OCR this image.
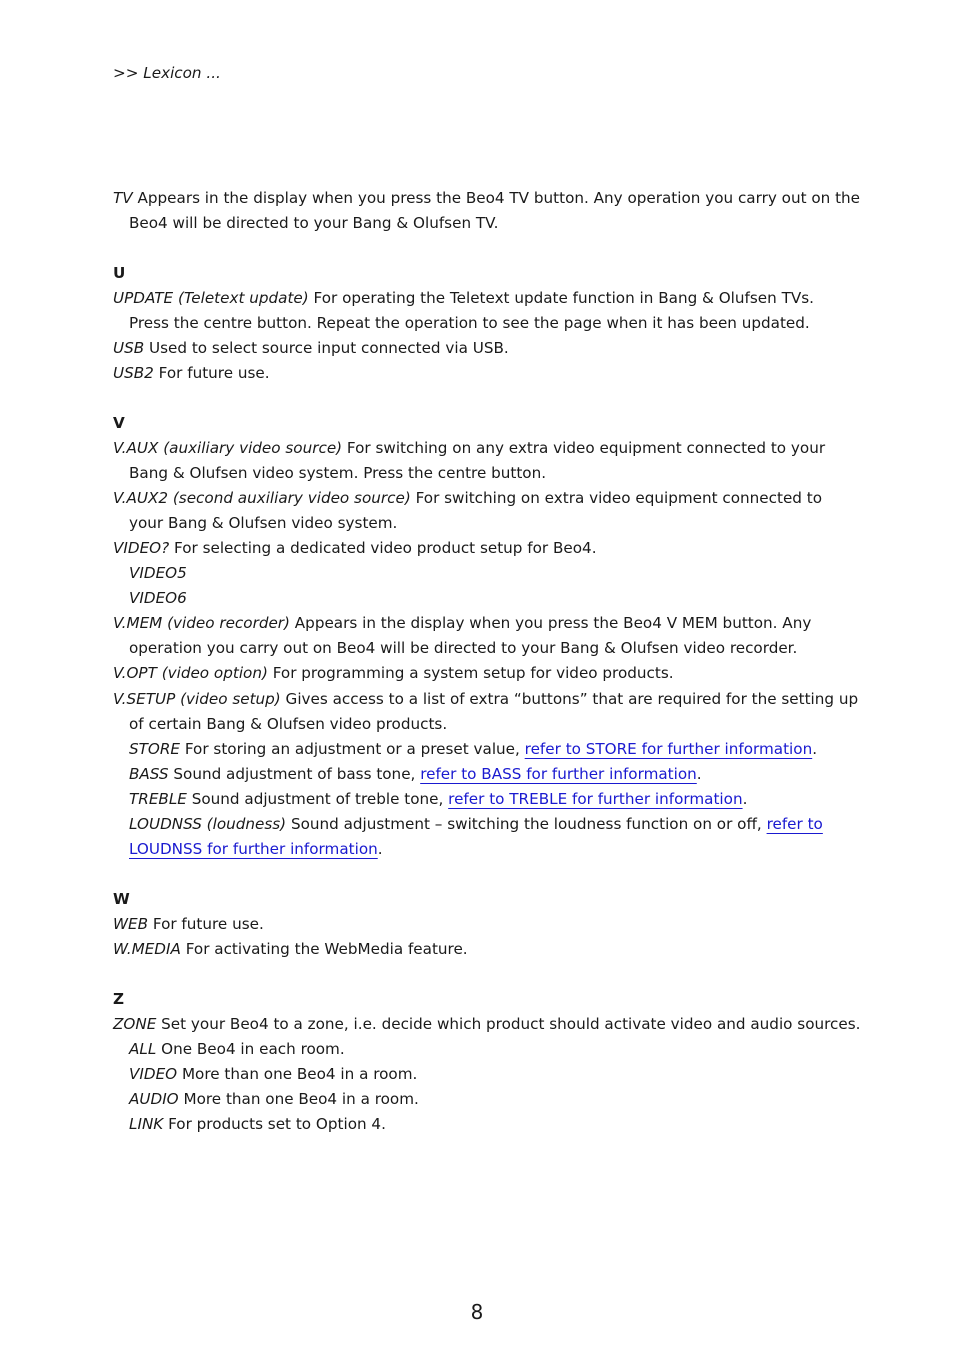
>> Lexicon ...
TV Appears in the display when you press the Beo4 TV button. Any operation you carry out on the
Beo4 will be directed to your Bang & Olufsen TV.
U
UPDATE (Teletext update) For operating the Teletext update function in Bang & Olufsen TVs.
Press the centre button. Repeat the operation to see the page when it has been updated.
USB Used to select source input connected via USB.
USB2 For future use.
V
V.AUX (auxiliary video source) For switching on any extra video equipment connected to your
Bang & Olufsen video system. Press the centre button.
V.AUX2 (second auxiliary video source) For switching on extra video equipment connected to
your Bang & Olufsen video system.
VIDEO? For selecting a dedicated video product setup for Beo4.
VIDEO5
VIDEO6
V.MEM (video recorder) Appears in the display when you press the Beo4 V MEM button. Any
operation you carry out on Beo4 will be directed to your Bang & Olufsen video recorder.
V.OPT (video option) For programming a system setup for video products.
V.SETUP (video setup) Gives access to a list of extra “buttons” that are required for the setting up
of certain Bang & Olufsen video products.
STORE For storing an adjustment or a preset value, refer to STORE for further information.
BASS Sound adjustment of bass tone, refer to BASS for further information.
TREBLE Sound adjustment of treble tone, refer to TREBLE for further information.
LOUDNSS (loudness) Sound adjustment – switching the loudness function on or off, refer to
LOUDNSS for further information.
W
WEB For future use.
W.MEDIA For activating the WebMedia feature.
Z
ZONE Set your Beo4 to a zone, i.e. decide which product should activate video and audio sources.
ALL One Beo4 in each room.
VIDEO More than one Beo4 in a room.
AUDIO More than one Beo4 in a room.
LINK For products set to Option 4.
8
